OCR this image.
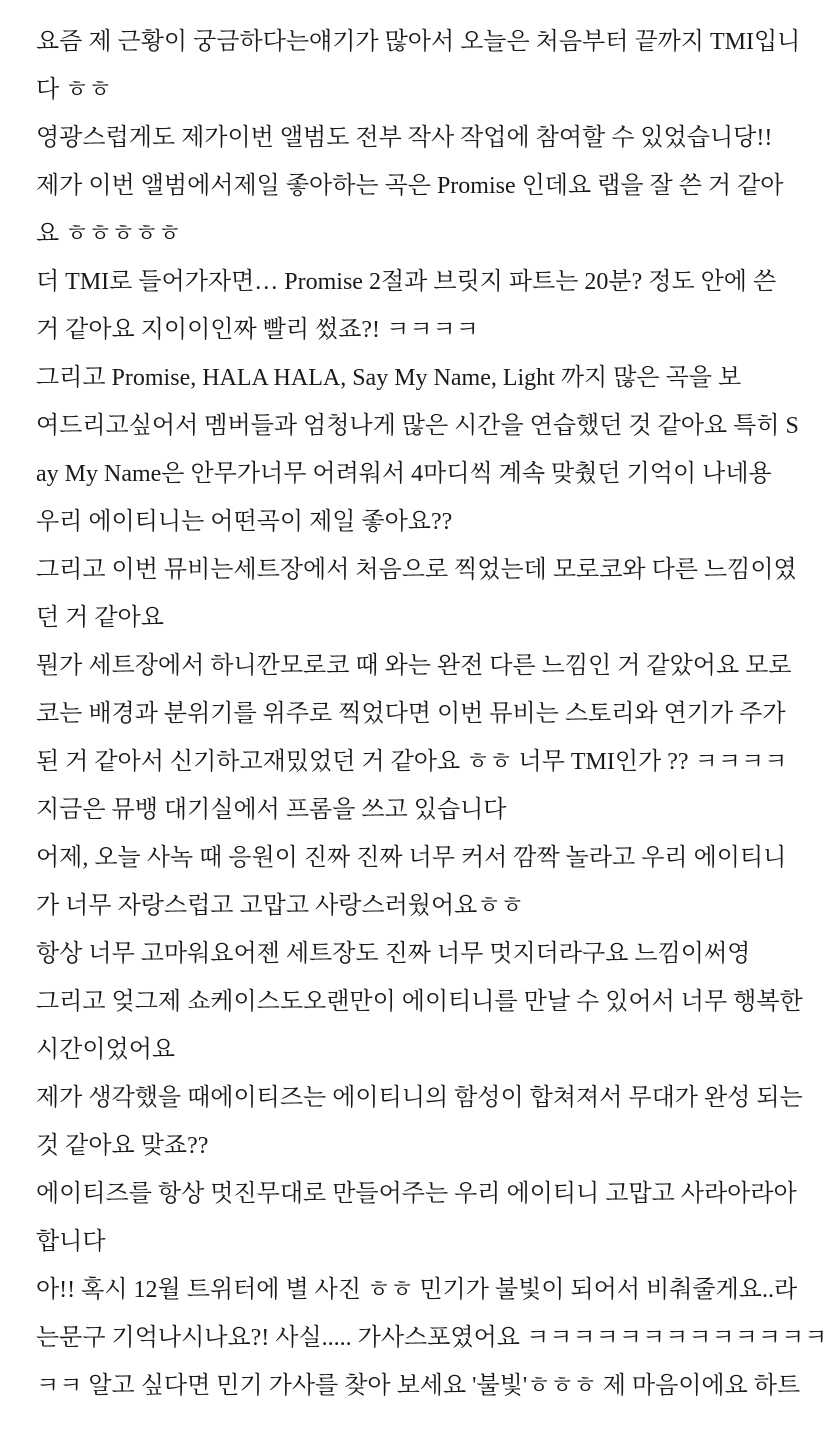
요즘 제 근황이 궁금하다는얘기가 많아서 오늘은 처음부터 끝까지 TMI입니
다 ㅎㅎ
영광스럽게도 제가이번 앨범도 전부 작사 작업에 참여할 수 있었습니당!!
제가 이번 앨범에서제일 좋아하는 곡은 Promise 인데요 랩을 잘 쓴 거 같아
요 ㅎㅎㅎㅎㅎ
더 TMI로 들어가자면… Promise 2절과 브릿지 파트는 20분? 정도 안에 쓴
거 같아요 지이이인짜 빨리 썼죠?! ㅋㅋㅋㅋ
그리고 Promise, HALA HALA, Say My Name, Light 까지 많은 곡을 보
여드리고싶어서 멤버들과 엄청나게 많은 시간을 연습했던 것 같아요 특히 S
ay My Name은 안무가너무 어려워서 4마디씩 계속 맞췄던 기억이 나네용
우리 에이티니는 어떤곡이 제일 좋아요??
그리고 이번 뮤비는세트장에서 처음으로 찍었는데 모로코와 다른 느낌이였
던 거 같아요
뭔가 세트장에서 하니깐모로코 때 와는 완전 다른 느낌인 거 같았어요 모로
코는 배경과 분위기를 위주로 찍었다면 이번 뮤비는 스토리와 연기가 주가
된 거 같아서 신기하고재밌었던 거 같아요 ㅎㅎ 너무 TMI인가 ?? ㅋㅋㅋㅋ
지금은 뮤뱅 대기실에서 프롬을 쓰고 있습니다
어제, 오늘 사녹 때 응원이 진짜 진짜 너무 커서 깜짝 놀라고 우리 에이티니
가 너무 자랑스럽고 고맙고 사랑스러웠어요ㅎㅎ
항상 너무 고마워요어젠 세트장도 진짜 너무 멋지더라구요 느낌이써영
그리고 엊그제 쇼케이스도오랜만이 에이티니를 만날 수 있어서 너무 행복한
시간이었어요
제가 생각했을 때에이티즈는 에이티니의 함성이 합쳐져서 무대가 완성 되는
것 같아요 맞죠??
에이티즈를 항상 멋진무대로 만들어주는 우리 에이티니 고맙고 사라아라아
합니다
아!! 혹시 12월 트위터에 별 사진 ㅎㅎ 민기가 불빛이 되어서 비춰줄게요..라
는문구 기억나시나요?! 사실..... 가사스포였어요 ㅋㅋㅋㅋㅋㅋㅋㅋㅋㅋㅋㅋㅋ
ㅋㅋ 알고 싶다면 민기 가사를 찾아 보세요 '불빛'ㅎㅎㅎ 제 마음이에요 하트
